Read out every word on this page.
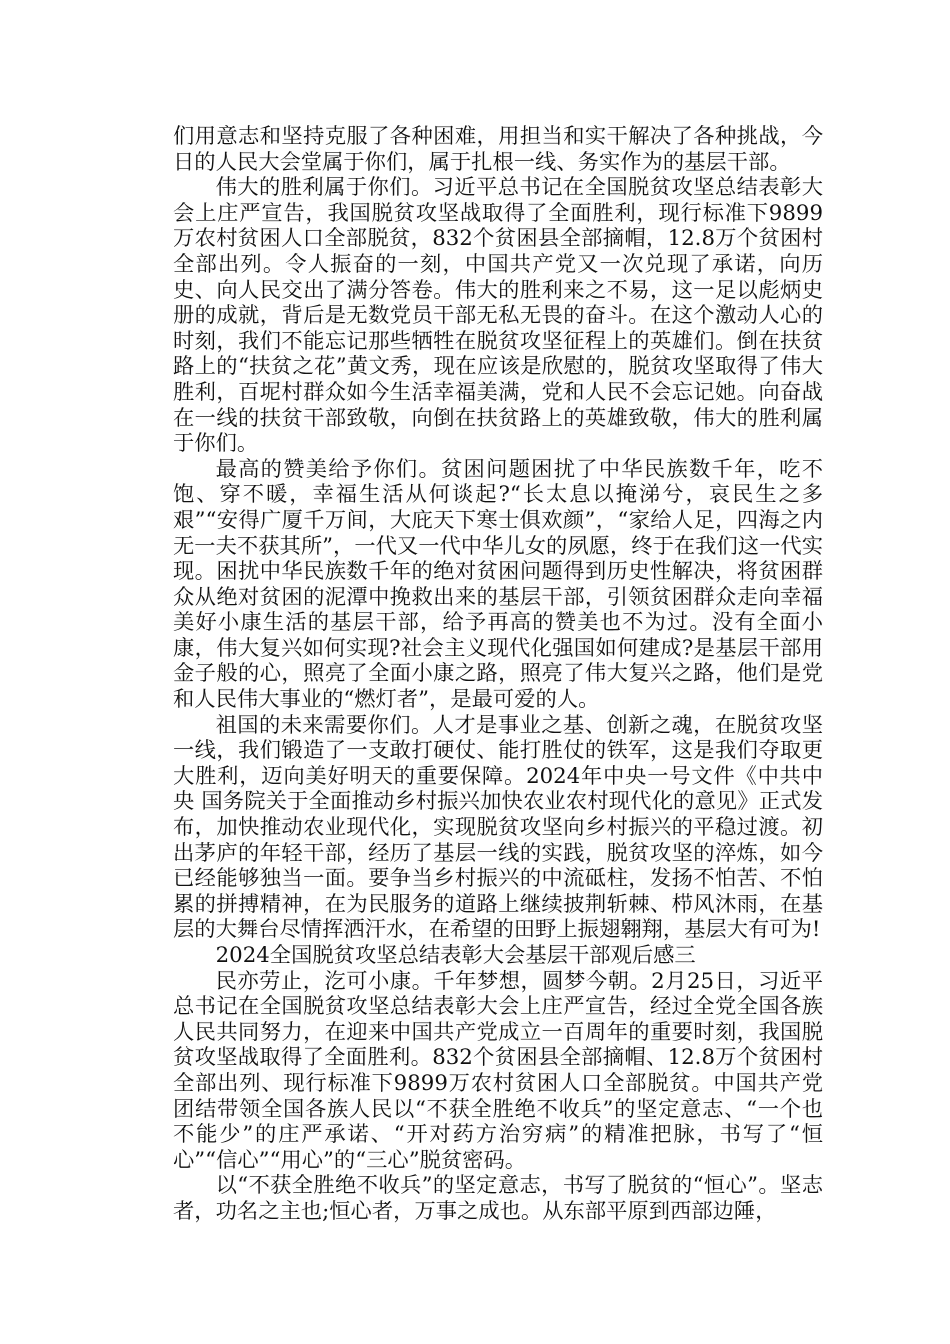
们用意志和坚持克服了各种困难，用担当和实干解决了各种挑战，今日的人民大会堂属于你们，属于扎根一线、务实作为的基层干部。

伟大的胜利属于你们。习近平总书记在全国脱贫攻坚总结表彰大会上庄严宣告，我国脱贫攻坚战取得了全面胜利，现行标准下9899万农村贫困人口全部脱贫，832个贫困县全部摘帽，12.8万个贫困村全部出列。令人振奋的一刻，中国共产党又一次兑现了承诺，向历史、向人民交出了满分答卷。伟大的胜利来之不易，这一足以彪炳史册的成就，背后是无数党员干部无私无畏的奋斗。在这个激动人心的时刻，我们不能忘记那些牺牲在脱贫攻坚征程上的英雄们。倒在扶贫路上的“扶贫之花”黄文秀，现在应该是欣慰的，脱贫攻坚取得了伟大胜利，百坭村群众如今生活幸福美满，党和人民不会忘记她。向奋战在一线的扶贫干部致敬，向倒在扶贫路上的英雄致敬，伟大的胜利属于你们。

最高的赞美给予你们。贫困问题困扰了中华民族数千年，吃不饱、穿不暖，幸福生活从何谈起?“长太息以掩涕兮，哀民生之多艰”“安得广厦千万间，大庇天下寒士俱欢颜”，“家给人足，四海之内无一夫不获其所”，一代又一代中华儿女的夙愿，终于在我们这一代实现。困扰中华民族数千年的绝对贫困问题得到历史性解决，将贫困群众从绝对贫困的泥潭中挽救出来的基层干部，引领贫困群众走向幸福美好小康生活的基层干部，给予再高的赞美也不为过。没有全面小康，伟大复兴如何实现?社会主义现代化强国如何建成?是基层干部用金子般的心，照亮了全面小康之路，照亮了伟大复兴之路，他们是党和人民伟大事业的“燃灯者”，是最可爱的人。

祖国的未来需要你们。人才是事业之基、创新之魂，在脱贫攻坚一线，我们锻造了一支敢打硬仗、能打胜仗的铁军，这是我们夺取更大胜利，迈向美好明天的重要保障。2024年中央一号文件《中共中央 国务院关于全面推动乡村振兴加快农业农村现代化的意见》正式发布，加快推动农业现代化，实现脱贫攻坚向乡村振兴的平稳过渡。初出茅庐的年轻干部，经历了基层一线的实践，脱贫攻坚的淬炼，如今已经能够独当一面。要争当乡村振兴的中流砥柱，发扬不怕苦、不怕累的拼搏精神，在为民服务的道路上继续披荆斩棘、栉风沐雨，在基层的大舞台尽情挥洒汗水，在希望的田野上振翅翱翔，基层大有可为!

2024全国脱贫攻坚总结表彰大会基层干部观后感三

民亦劳止，汔可小康。千年梦想，圆梦今朝。2月25日，习近平总书记在全国脱贫攻坚总结表彰大会上庄严宣告，经过全党全国各族人民共同努力，在迎来中国共产党成立一百周年的重要时刻，我国脱贫攻坚战取得了全面胜利。832个贫困县全部摘帽、12.8万个贫困村全部出列、现行标准下9899万农村贫困人口全部脱贫。中国共产党团结带领全国各族人民以“不获全胜绝不收兵”的坚定意志、“一个也不能少”的庄严承诺、“开对药方治穷病”的精准把脉，书写了“恒心”“信心”“用心”的“三心”脱贫密码。

以“不获全胜绝不收兵”的坚定意志，书写了脱贫的“恒心”。坚志者，功名之主也;恒心者，万事之成也。从东部平原到西部边陲，
